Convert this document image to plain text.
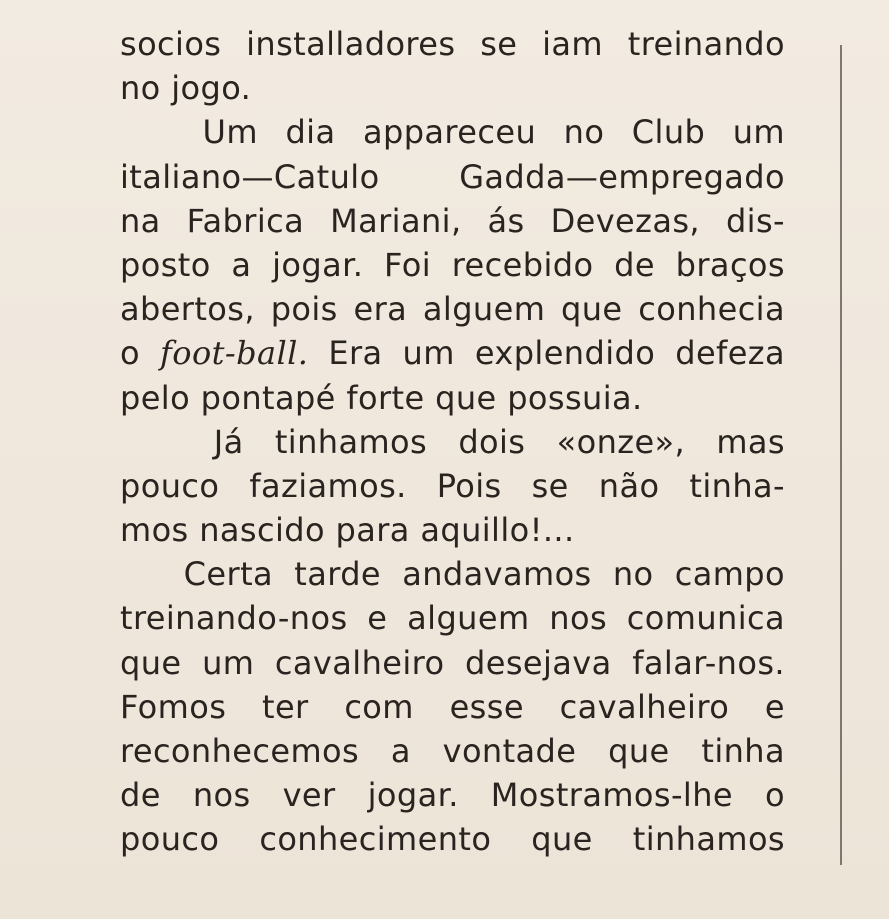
socios installadores se iam treinando
no jogo.
Um dia appareceu no Club um
italiano—Catulo Gadda—empregado
na Fabrica Mariani, ás Devezas, dis-
posto a jogar. Foi recebido de braços
abertos, pois era alguem que conhecia
o foot-ball. Era um explendido defeza
pelo pontapé forte que possuia.
Já tinhamos dois «onze», mas
pouco faziamos. Pois se não tinha-
mos nascido para aquillo!...
Certa tarde andavamos no campo
treinando-nos e alguem nos comunica
que um cavalheiro desejava falar-nos.
Fomos ter com esse cavalheiro e
reconhecemos a vontade que tinha
de nos ver jogar. Mostramos-lhe o
pouco conhecimento que tinhamos
